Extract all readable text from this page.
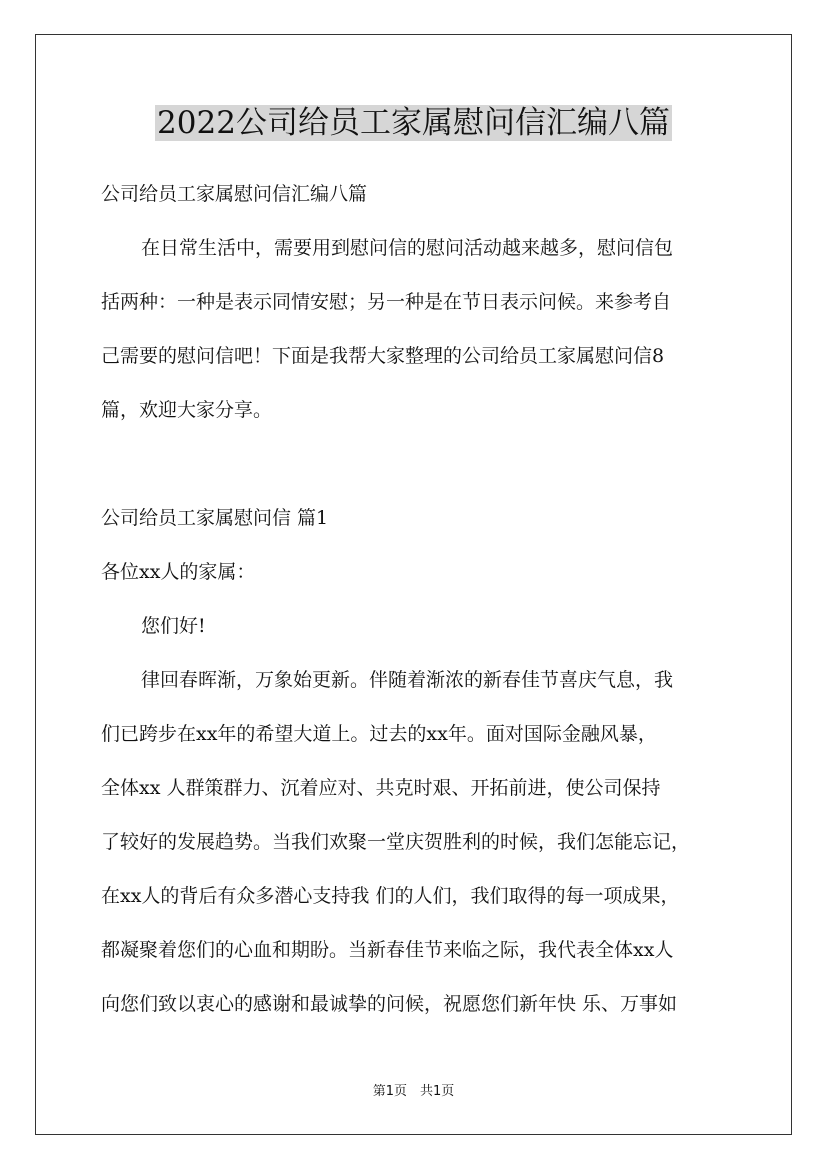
2022公司给员工家属慰问信汇编八篇
公司给员工家属慰问信汇编八篇
在日常生活中，需要用到慰问信的慰问活动越来越多，慰问信包
括两种：一种是表示同情安慰；另一种是在节日表示问候。来参考自
己需要的慰问信吧！下面是我帮大家整理的公司给员工家属慰问信8
篇，欢迎大家分享。
公司给员工家属慰问信 篇1
各位xx人的家属：
您们好!
律回春晖渐，万象始更新。伴随着渐浓的新春佳节喜庆气息，我
们已跨步在xx年的希望大道上。过去的xx年。面对国际金融风暴，
全体xx 人群策群力、沉着应对、共克时艰、开拓前进，使公司保持
了较好的发展趋势。当我们欢聚一堂庆贺胜利的时候，我们怎能忘记，
在xx人的背后有众多潜心支持我 们的人们，我们取得的每一项成果，
都凝聚着您们的心血和期盼。当新春佳节来临之际，我代表全体xx人
向您们致以衷心的感谢和最诚挚的问候，祝愿您们新年快 乐、万事如
第1页　共1页
